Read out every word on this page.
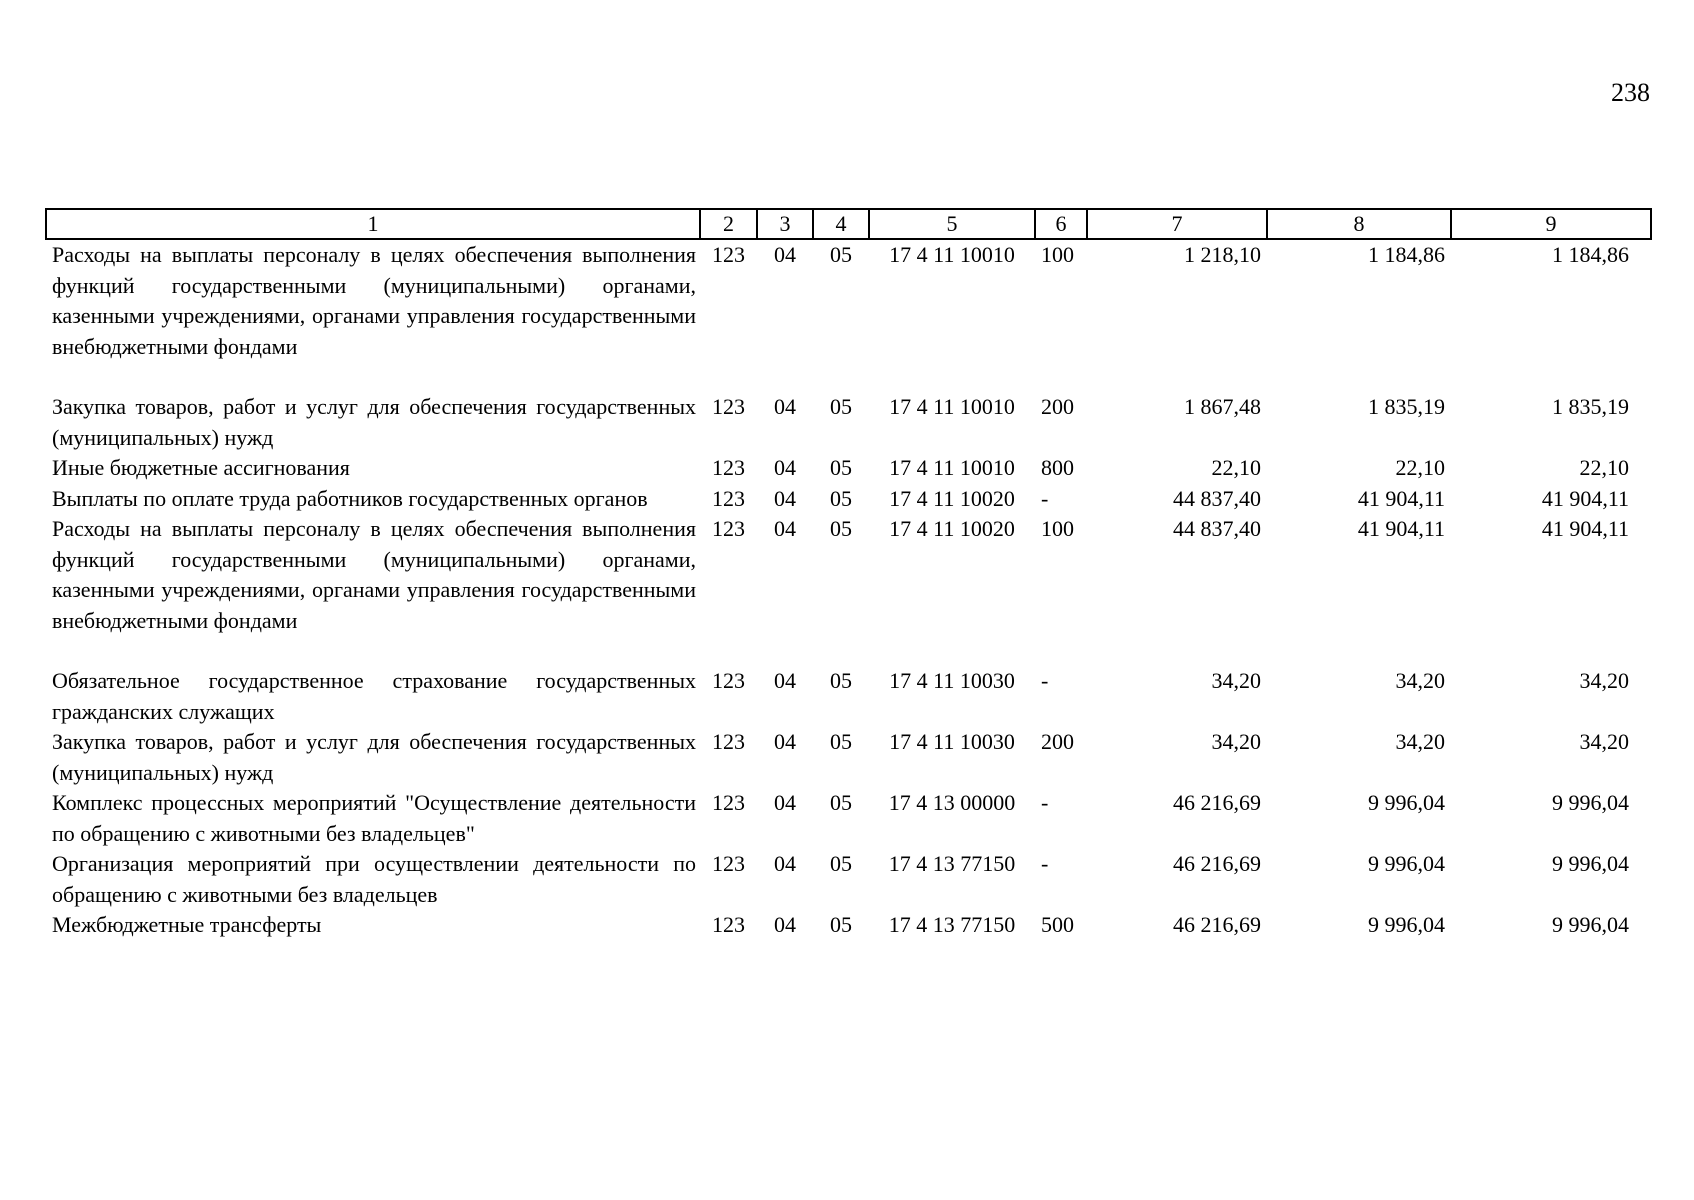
238
1	2	3	4	5	6	7	8	9
Расходы на выплаты персоналу в целях обеспечения выполнения функций государственными (муниципальными) органами, казенными учреждениями, органами управления государственными внебюджетными фондами	123	04	05	17 4 11 10010	100	1 218,10	1 184,86	1 184,86
Закупка товаров, работ и услуг для обеспечения государственных (муниципальных) нужд	123	04	05	17 4 11 10010	200	1 867,48	1 835,19	1 835,19
Иные бюджетные ассигнования	123	04	05	17 4 11 10010	800	22,10	22,10	22,10
Выплаты по оплате труда работников государственных органов	123	04	05	17 4 11 10020	-	44 837,40	41 904,11	41 904,11
Расходы на выплаты персоналу в целях обеспечения выполнения функций государственными (муниципальными) органами, казенными учреждениями, органами управления государственными внебюджетными фондами	123	04	05	17 4 11 10020	100	44 837,40	41 904,11	41 904,11
Обязательное государственное страхование государственных гражданских служащих	123	04	05	17 4 11 10030	-	34,20	34,20	34,20
Закупка товаров, работ и услуг для обеспечения государственных (муниципальных) нужд	123	04	05	17 4 11 10030	200	34,20	34,20	34,20
Комплекс процессных мероприятий "Осуществление деятельности по обращению с животными без владельцев"	123	04	05	17 4 13 00000	-	46 216,69	9 996,04	9 996,04
Организация мероприятий при осуществлении деятельности по обращению с животными без владельцев	123	04	05	17 4 13 77150	-	46 216,69	9 996,04	9 996,04
Межбюджетные трансферты	123	04	05	17 4 13 77150	500	46 216,69	9 996,04	9 996,04
